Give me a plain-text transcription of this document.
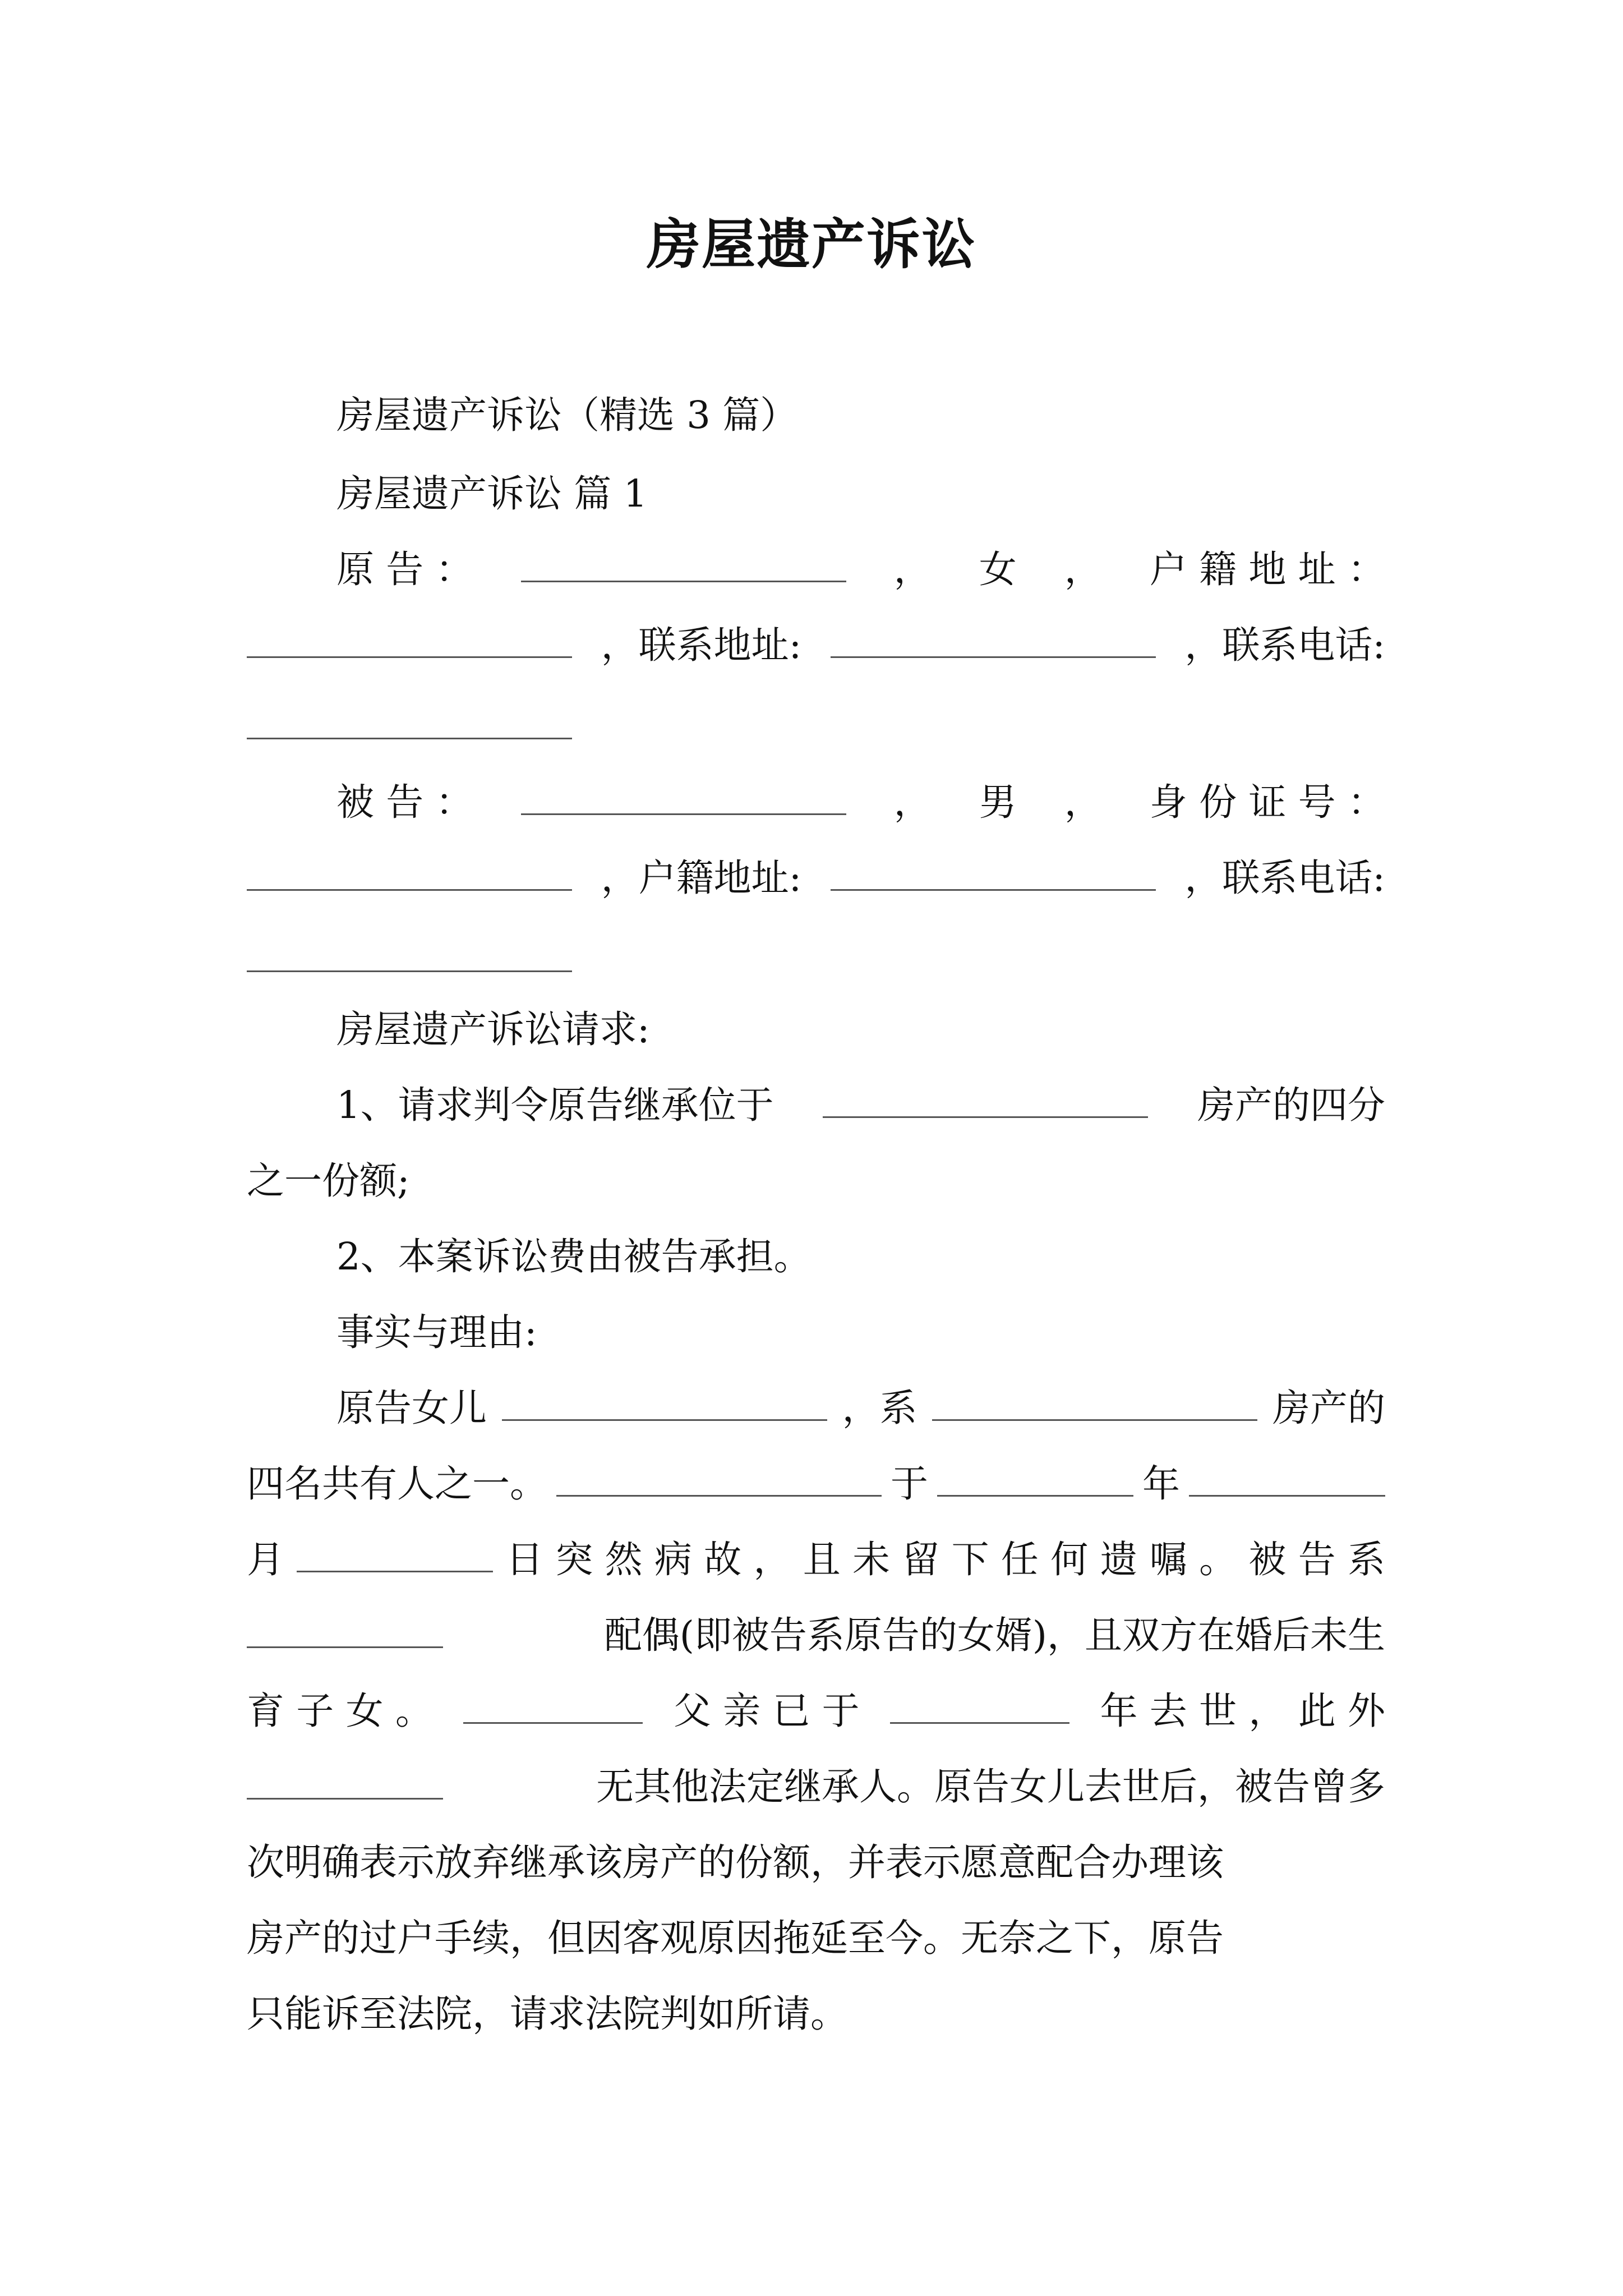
房屋遗产诉讼
房屋遗产诉讼（精选 3 篇）
房屋遗产诉讼 篇 1
原 告 ：	， 女 ， 户 籍 地 址 ：
，联系地址:	，联系电话:
被 告 ：	， 男 ， 身 份 证 号 ：
，户籍地址:	，联系电话:
房屋遗产诉讼请求:
1、请求判令原告继承位于	房产的四分
之一份额;
2、本案诉讼费由被告承担。
事实与理由:
原告女儿	，系	房产的
四名共有人之一。	于	年
月	日 突 然 病 故 ， 且 未 留 下 任 何 遗 嘱 。 被 告 系
配偶(即被告系原告的女婿)，且双方在婚后未生
育 子 女 。	父 亲 已 于	年 去 世 ， 此 外
无其他法定继承人。原告女儿去世后，被告曾多
次明确表示放弃继承该房产的份额，并表示愿意配合办理该
房产的过户手续，但因客观原因拖延至今。无奈之下，原告
只能诉至法院，请求法院判如所请。
